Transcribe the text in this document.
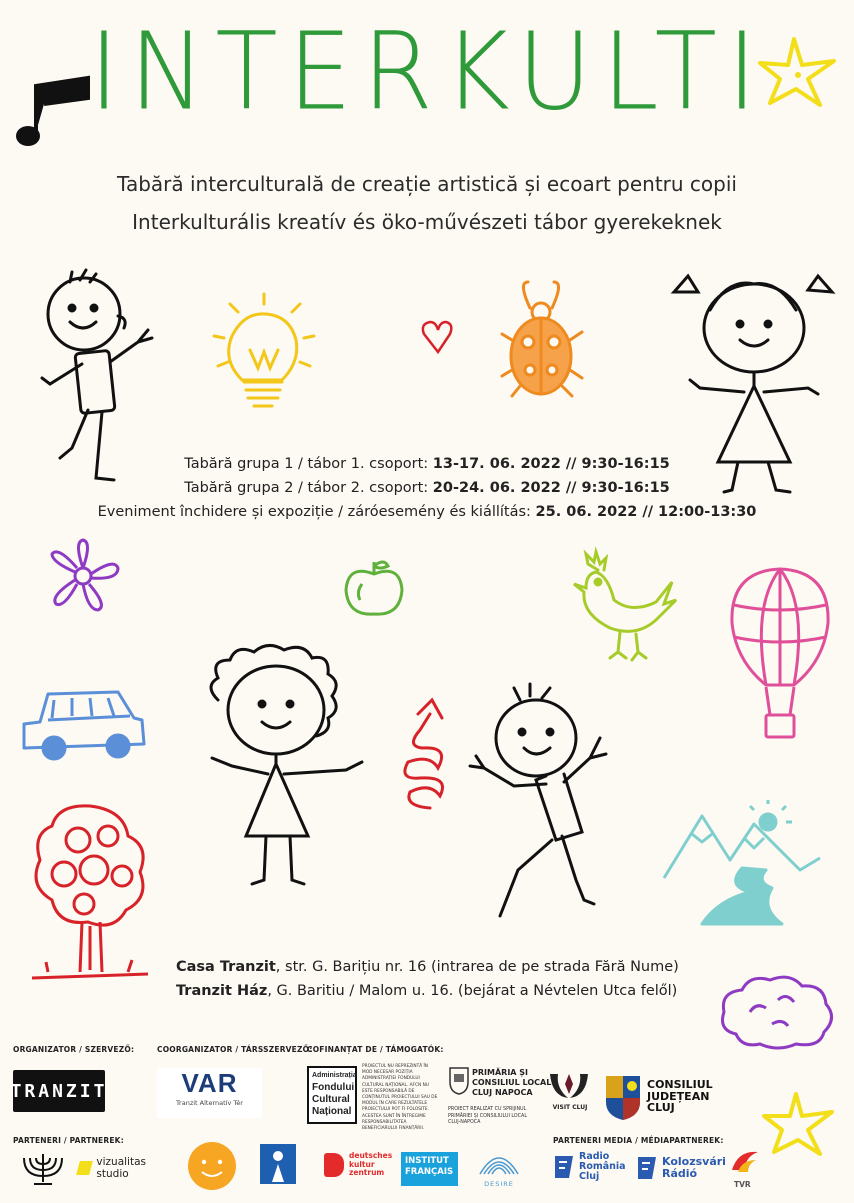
INTERKULTI
Tabără interculturală de creație artistică și ecoart pentru copii
Interkulturális kreatív és öko-művészeti tábor gyerekeknek
Tabără grupa 1 / tábor 1. csoport: 13-17. 06. 2022 // 9:30-16:15
Tabără grupa 2 / tábor 2. csoport: 20-24. 06. 2022 // 9:30-16:15
Eveniment închidere și expoziție / záróesemény és kiállítás: 25. 06. 2022 // 12:00-13:30
Casa Tranzit, str. G. Barițiu nr. 16 (intrarea de pe strada Fără Nume)
Tranzit Ház, G. Baritiu / Malom u. 16. (bejárat a Névtelen Utca felől)
ORGANIZATOR / SZERVEZŐ:	COORGANIZATOR / TÁRSSZERVEZŐ:
COFINANȚAT DE / TÁMOGATÓK:
TRANZIT	VAR
Tranzit Alternatív Tér
Administrația
Fondului
Cultural
Național
PROIECTUL NU REPREZINTĂ ÎN MOD NECESAR POZIȚIA ADMINISTRAȚIEI FONDULUI CULTURAL NAȚIONAL. AFCN NU ESTE RESPONSABILĂ DE CONȚINUTUL PROIECTULUI SAU DE MODUL ÎN CARE REZULTATELE PROIECTULUI POT FI FOLOSITE. ACESTEA SUNT ÎN ÎNTREGIME RESPONSABILITATEA BENEFICIARULUI FINANȚĂRII.
PRIMĂRIA ȘI
CONSILIUL LOCAL
CLUJ NAPOCA
PROIECT REALIZAT CU SPRIJINUL PRIMĂRIEI ȘI CONSILIULUI LOCAL CLUJ-NAPOCA
VISIT CLUJ
CONSILIUL
JUDEȚEAN
CLUJ
PARTENERI / PARTNEREK:	PARTENERI MEDIA / MÉDIAPARTNEREK:
vizualitas studio
deutsches
kultur
zentrum
INSTITUT
FRANÇAIS
DESIRE
Radio
România
Cluj
Kolozsvári
Rádió
TVR
